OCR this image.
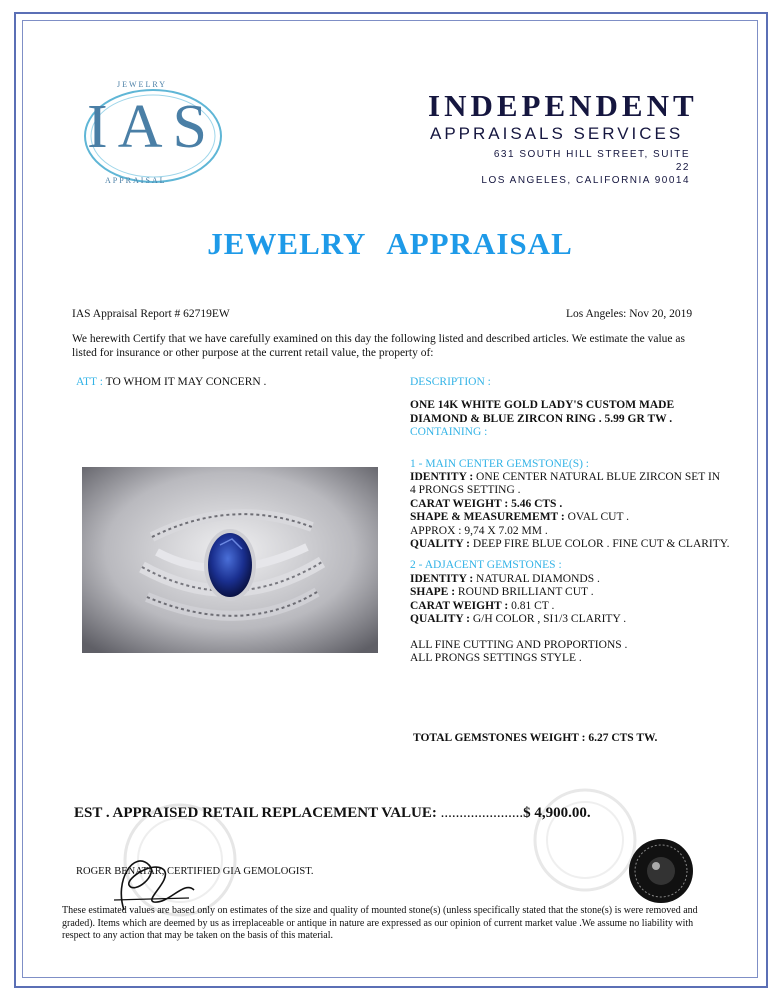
IAS
JEWELRY
APPRAISAL
INDEPENDENT
APPRAISALS SERVICES
631 SOUTH HILL STREET, SUITE 22
LOS ANGELES, CALIFORNIA 90014
JEWELRY APPRAISAL
IAS Appraisal Report # 62719EW	Los Angeles: Nov 20, 2019
We herewith Certify that we have carefully examined on this day the following listed and described articles. We estimate the value as listed for insurance or other purpose at the current retail value, the property of:
ATT : TO WHOM IT MAY CONCERN .	DESCRIPTION :
ONE 14K WHITE GOLD LADY'S CUSTOM MADE
DIAMOND & BLUE ZIRCON RING . 5.99 GR TW .
CONTAINING :
1 - MAIN CENTER GEMSTONE(S) :
IDENTITY : ONE CENTER NATURAL BLUE ZIRCON SET IN
4 PRONGS SETTING .
CARAT WEIGHT : 5.46 CTS .
SHAPE & MEASUREMEMT : OVAL CUT .
APPROX : 9,74 X 7.02 MM .
QUALITY : DEEP FIRE BLUE COLOR . FINE CUT & CLARITY.
2 - ADJACENT GEMSTONES :
IDENTITY : NATURAL DIAMONDS .
SHAPE : ROUND BRILLIANT CUT .
CARAT WEIGHT : 0.81 CT .
QUALITY : G/H COLOR , SI1/3 CLARITY .
ALL FINE CUTTING AND PROPORTIONS .
ALL PRONGS SETTINGS STYLE .
TOTAL GEMSTONES WEIGHT : 6.27 CTS TW.
EST . APPRAISED RETAIL REPLACEMENT VALUE: ......................$ 4,900.00.
ROGER BENATAR, CERTIFIED GIA GEMOLOGIST.
These estimated values are based only on estimates of the size and quality of mounted stone(s) (unless specifically stated that the stone(s) is were removed and graded). Items which are deemed by us as irreplaceable or antique in nature are expressed as our opinion of current market value .We assume no liability with respect to any action that may be taken on the basis of this material.
